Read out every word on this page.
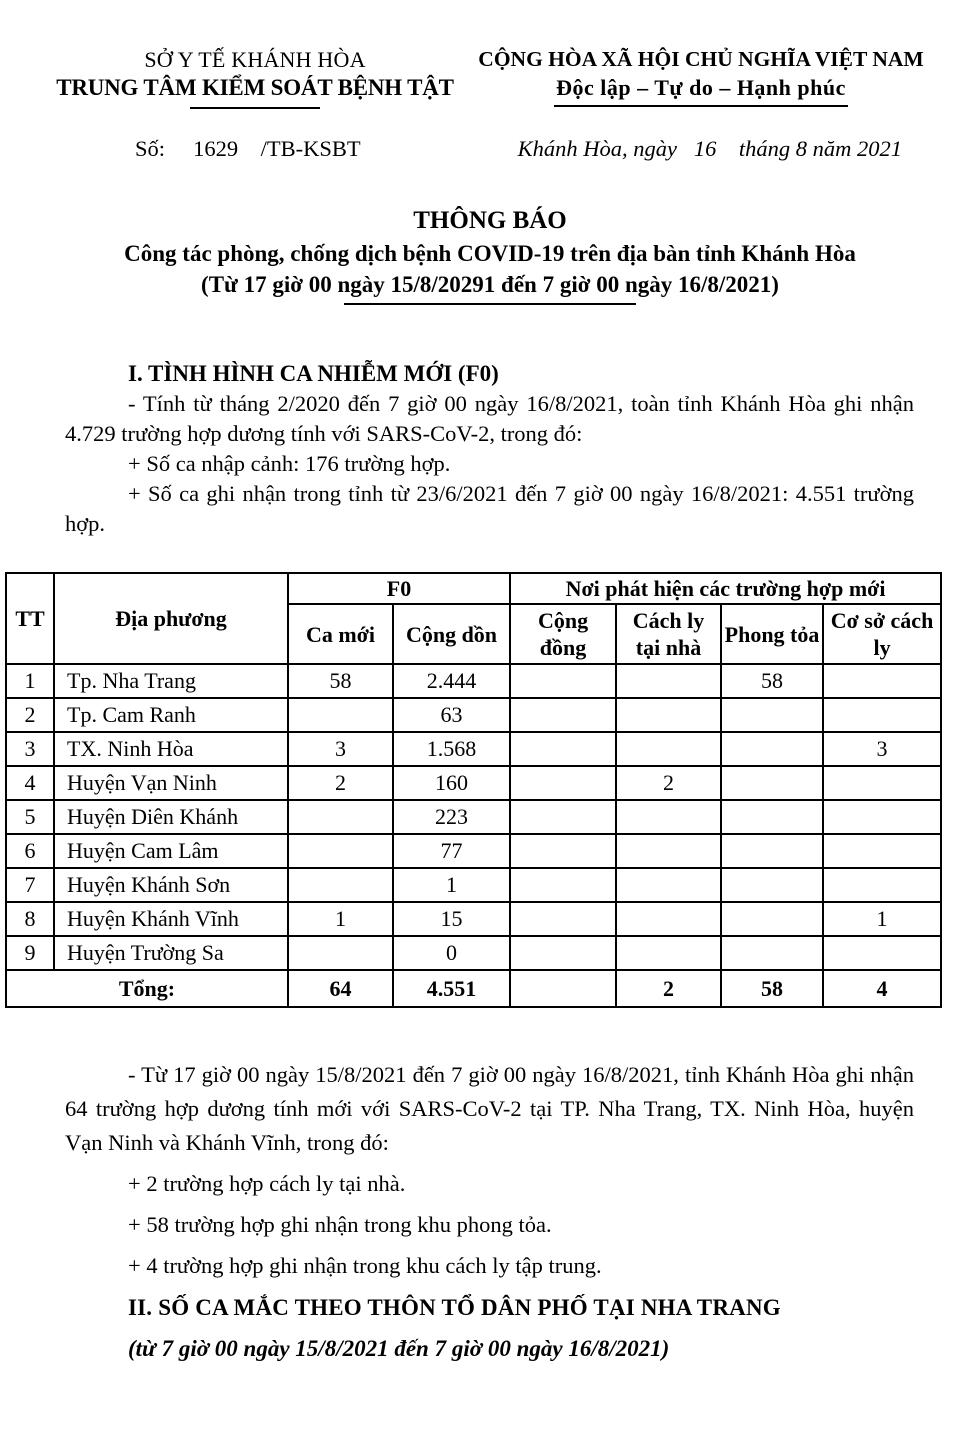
SỞ Y TẾ KHÁNH HÒA
TRUNG TÂM KIỂM SOÁT BỆNH TẬT
CỘNG HÒA XÃ HỘI CHỦ NGHĨA VIỆT NAM
Độc lập – Tự do – Hạnh phúc
Số:     1629    /TB-KSBT	Khánh Hòa, ngày   16    tháng 8 năm 2021
THÔNG BÁO
Công tác phòng, chống dịch bệnh COVID-19 trên địa bàn tỉnh Khánh Hòa
(Từ 17 giờ 00 ngày 15/8/20291 đến 7 giờ 00 ngày 16/8/2021)

I. TÌNH HÌNH CA NHIỄM MỚI (F0)

- Tính từ tháng 2/2020 đến 7 giờ 00 ngày 16/8/2021, toàn tỉnh Khánh Hòa ghi nhận 4.729 trường hợp dương tính với SARS-CoV-2, trong đó:

+ Số ca nhập cảnh: 176 trường hợp.

+ Số ca ghi nhận trong tỉnh từ 23/6/2021 đến 7 giờ 00 ngày 16/8/2021: 4.551 trường hợp.

TT	Địa phương	F0		Nơi phát hiện các trường hợp mới			
		Ca mới	Cộng dồn	Cộng đồng	Cách ly tại nhà	Phong tỏa	Cơ sở cách ly
1	Tp. Nha Trang	58	2.444			58	
2	Tp. Cam Ranh		63				
3	TX. Ninh Hòa	3	1.568				3
4	Huyện Vạn Ninh	2	160		2		
5	Huyện Diên Khánh		223				
6	Huyện Cam Lâm		77				
7	Huyện Khánh Sơn		1				
8	Huyện Khánh Vĩnh	1	15				1
9	Huyện Trường Sa		0				
Tổng:		64	4.551		2	58	4

- Từ 17 giờ 00 ngày 15/8/2021 đến 7 giờ 00 ngày 16/8/2021, tỉnh Khánh Hòa ghi nhận 64 trường hợp dương tính mới với SARS-CoV-2 tại TP. Nha Trang, TX. Ninh Hòa, huyện Vạn Ninh và Khánh Vĩnh, trong đó:

+ 2 trường hợp cách ly tại nhà.

+ 58 trường hợp ghi nhận trong khu phong tỏa.

+ 4 trường hợp ghi nhận trong khu cách ly tập trung.

II. SỐ CA MẮC THEO THÔN TỔ DÂN PHỐ TẠI NHA TRANG

(từ 7 giờ 00 ngày 15/8/2021 đến 7 giờ 00 ngày 16/8/2021)
